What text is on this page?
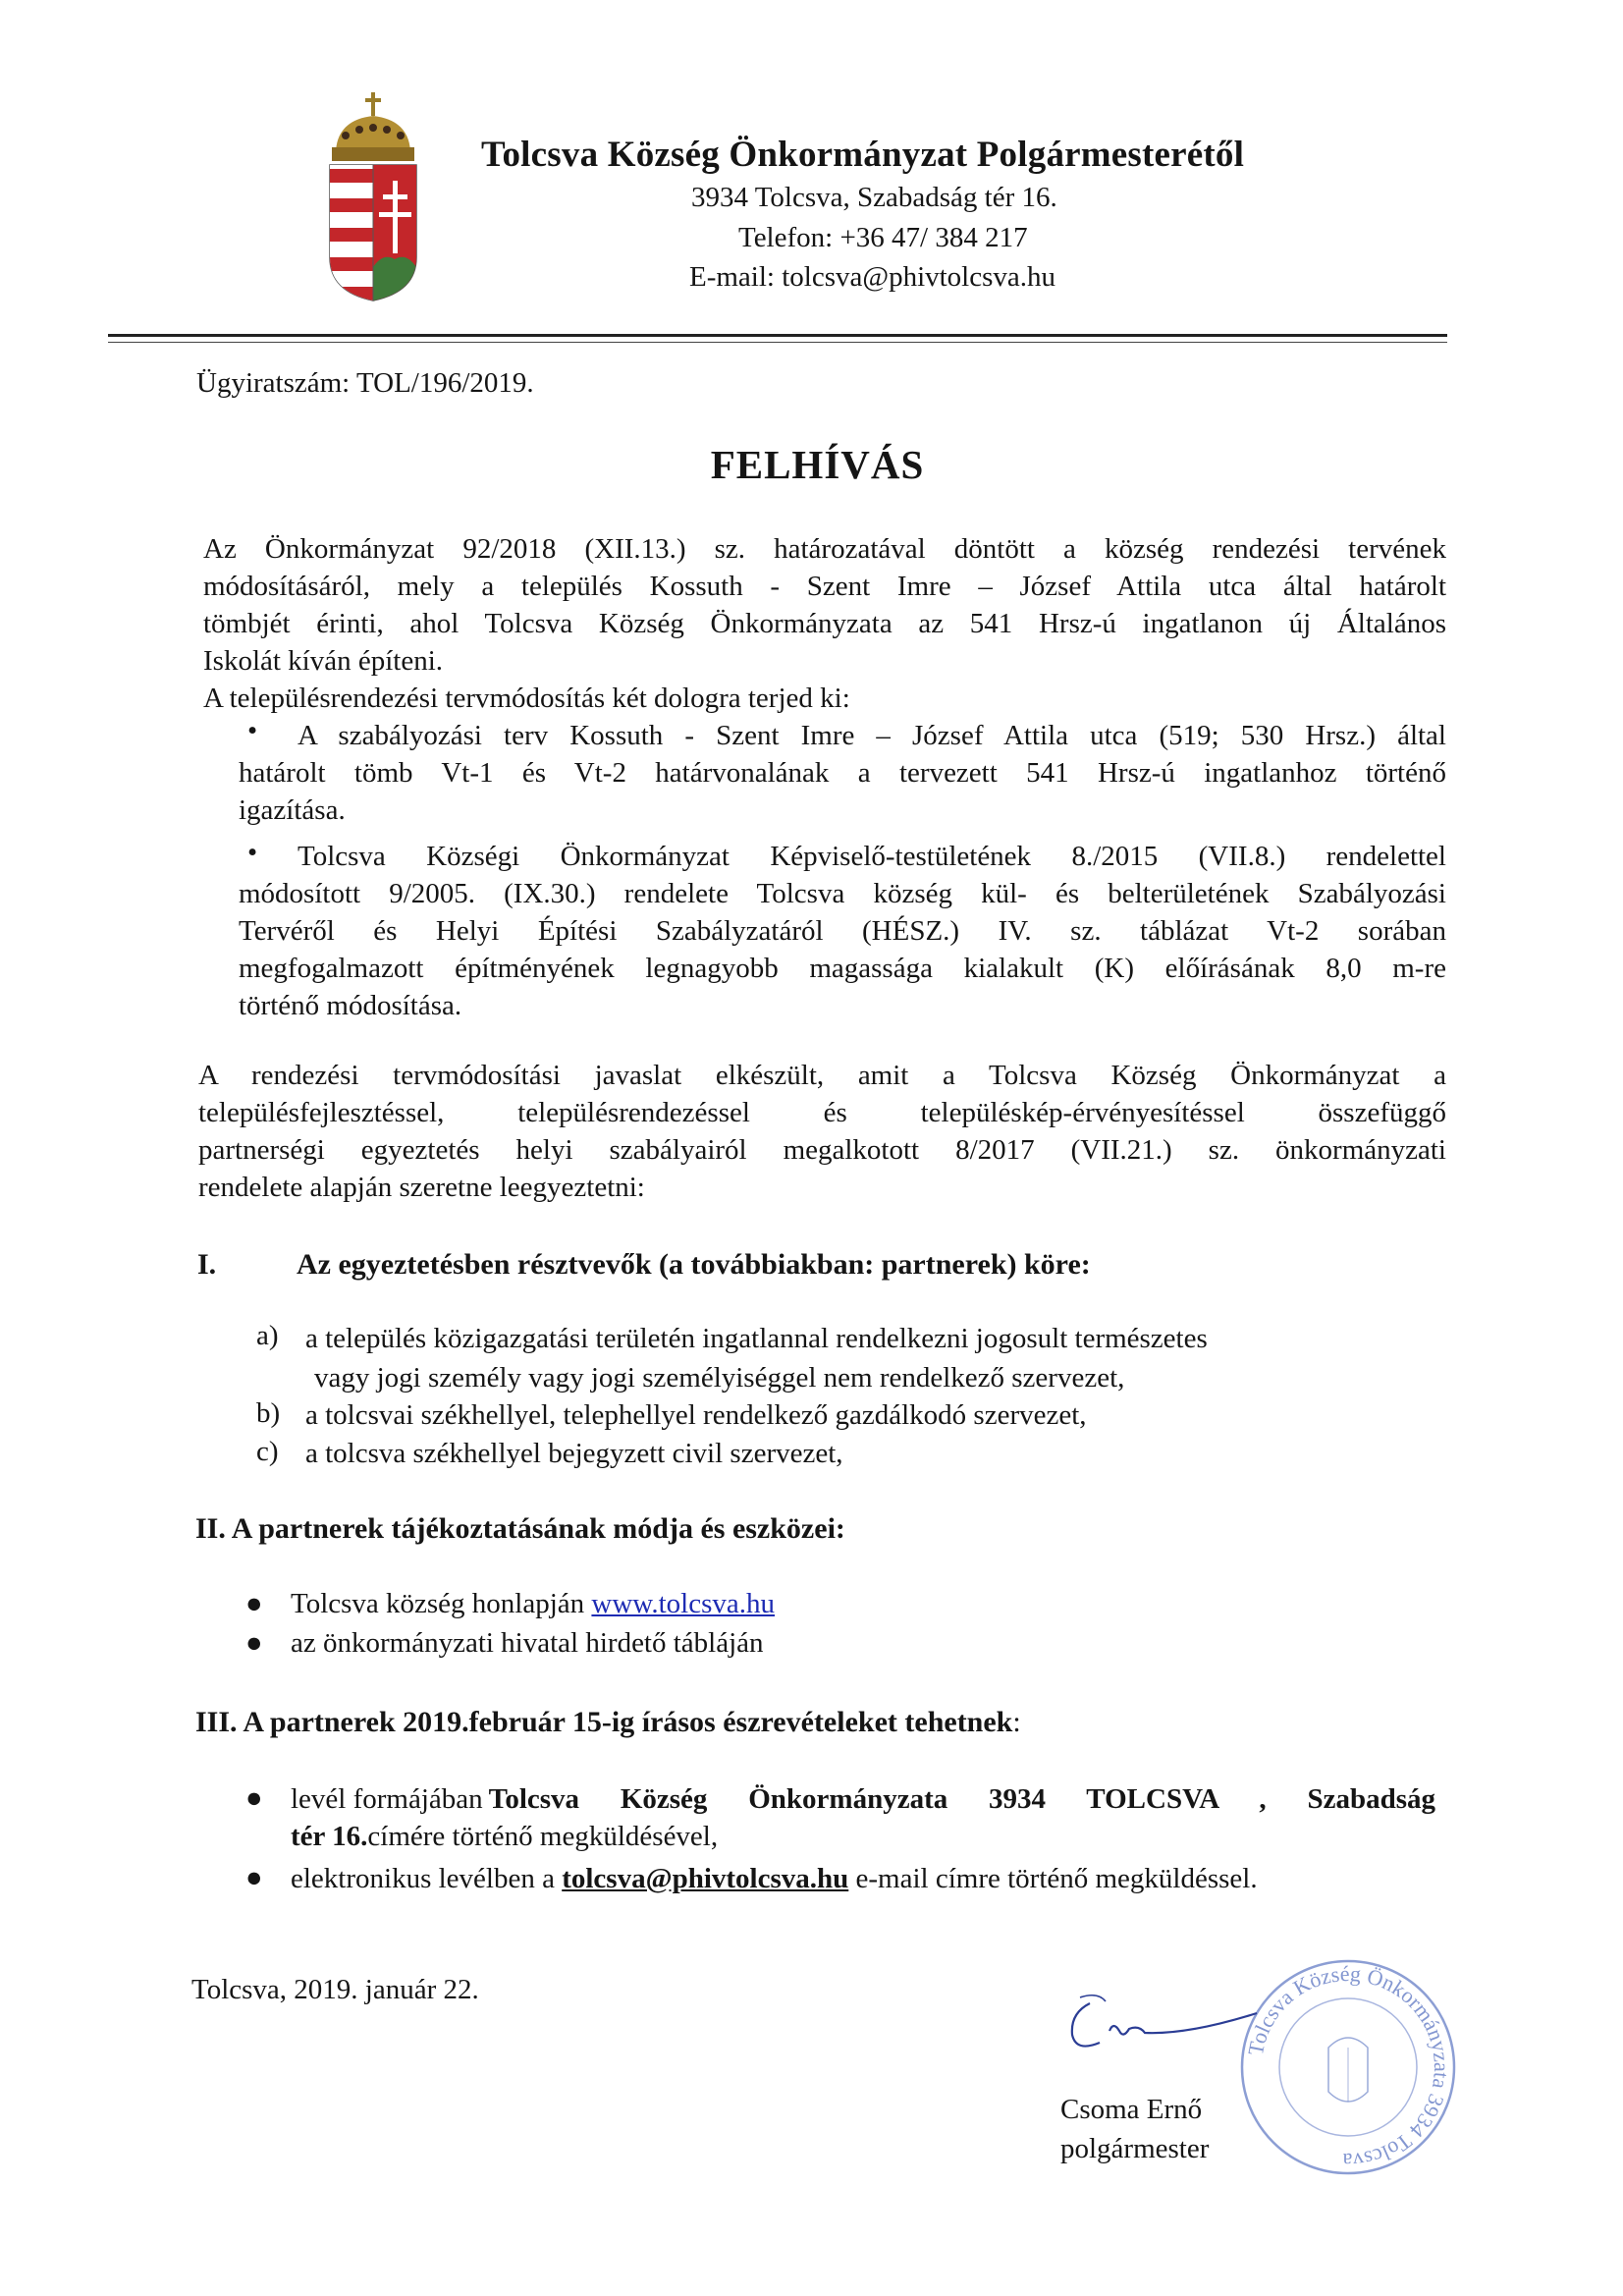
Tolcsva Község Önkormányzat Polgármesterétől
3934 Tolcsva, Szabadság tér 16.
Telefon: +36 47/ 384 217
E-mail: tolcsva@phivtolcsva.hu
Ügyiratszám: TOL/196/2019.
FELHÍVÁS
Az Önkormányzat 92/2018 (XII.13.) sz. határozatával döntött a község rendezési tervének
módosításáról, mely a település Kossuth - Szent Imre – József Attila utca által határolt
tömbjét érinti, ahol Tolcsva Község Önkormányzata az 541 Hrsz-ú ingatlanon új Általános
Iskolát kíván építeni.
A településrendezési tervmódosítás két dologra terjed ki:
•	A szabályozási terv Kossuth - Szent Imre – József Attila utca (519; 530 Hrsz.) által
határolt tömb Vt-1 és Vt-2 határvonalának a tervezett 541 Hrsz-ú ingatlanhoz történő
igazítása.
•	Tolcsva Községi Önkormányzat Képviselő-testületének 8./2015 (VII.8.) rendelettel
módosított 9/2005. (IX.30.) rendelete Tolcsva község kül- és belterületének Szabályozási
Tervéről és Helyi Építési Szabályzatáról (HÉSZ.) IV. sz. táblázat Vt-2 sorában
megfogalmazott építményének legnagyobb magassága kialakult (K) előírásának 8,0 m-re
történő módosítása.
A rendezési tervmódosítási javaslat elkészült, amit a Tolcsva Község Önkormányzat a
településfejlesztéssel, településrendezéssel és településkép-érvényesítéssel összefüggő
partnerségi egyeztetés helyi szabályairól megalkotott 8/2017 (VII.21.) sz. önkormányzati
rendelete alapján szeretne leegyeztetni:
I.	Az egyeztetésben résztvevők (a továbbiakban: partnerek) köre:
a) a település közigazgatási területén ingatlannal rendelkezni jogosult természetes
vagy jogi személy vagy jogi személyiséggel nem rendelkező szervezet,
b) a tolcsvai székhellyel, telephellyel rendelkező gazdálkodó szervezet,
c) a tolcsva székhellyel bejegyzett civil szervezet,
II. A partnerek tájékoztatásának módja és eszközei:
● Tolcsva község honlapján www.tolcsva.hu
● az önkormányzati hivatal hirdető tábláján
III. A partnerek 2019.február 15-ig írásos észrevételeket tehetnek:
● levél formájában Tolcsva Község Önkormányzata 3934 TOLCSVA , Szabadság
tér 16.címére történő megküldésével,
● elektronikus levélben a tolcsva@phivtolcsva.hu e-mail címre történő megküldéssel.
Tolcsva, 2019. január 22.
Tolcsva Község Önkormányzata 3934 Tolcsva
Csoma Ernő
polgármester
